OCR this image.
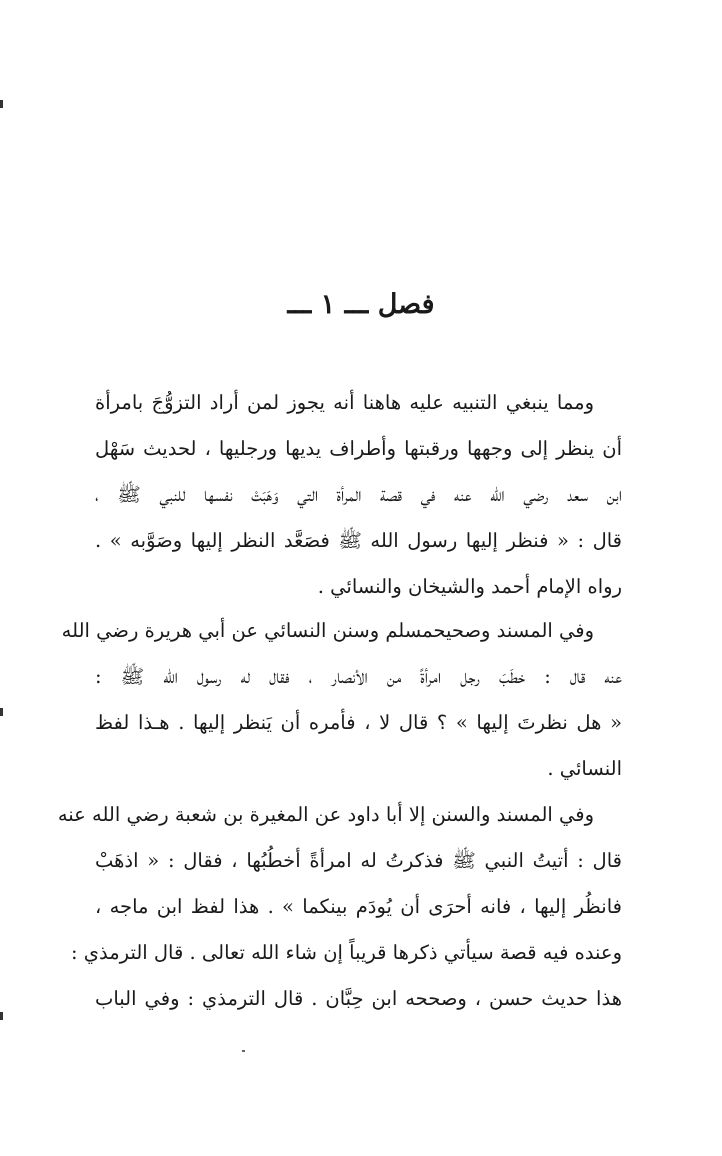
فصل ـــ ١ ـــ
ومما ينبغي التنبيه عليه هاهنا أنه يجوز لمن أراد التزوُّجَ بامرأة
أن ينظر إلى وجهها ورقبتها وأطراف يديها ورجليها ، لحديث سَهْل
ابن سعد رضي الله عنه في قصة المرأة التي وَهَبَتْ نفسها للنبي ﷺ ،
قال : « فنظر إليها رسول الله ﷺ فصَعَّد النظر إليها وصَوَّبه » .
رواه الإمام أحمد والشيخان والنسائي .
وفي المسند وصحيحمسلم وسنن النسائي عن أبي هريرة رضي الله
عنه قال : خطَبَ رجل امرأةً من الأنصار ، فقال له رسول الله ﷺ :
« هل نظرتَ إليها » ؟ قال لا ، فأمره أن يَنظر إليها . هـذا لفظ
النسائي .
وفي المسند والسنن إلا أبا داود عن المغيرة بن شعبة رضي الله عنه
قال : أتيتُ النبي ﷺ فذكرتُ له امرأةً أخطُبُها ، فقال : « اذهَبْ
فانظُر إليها ، فانه أحرَى أن يُودَم بينكما » . هذا لفظ ابن ماجه ،
وعنده فيه قصة سيأتي ذكرها قريباً إن شاء الله تعالى . قال الترمذي :
هذا حديث حسن ، وصححه ابن حِبَّان . قال الترمذي : وفي الباب
